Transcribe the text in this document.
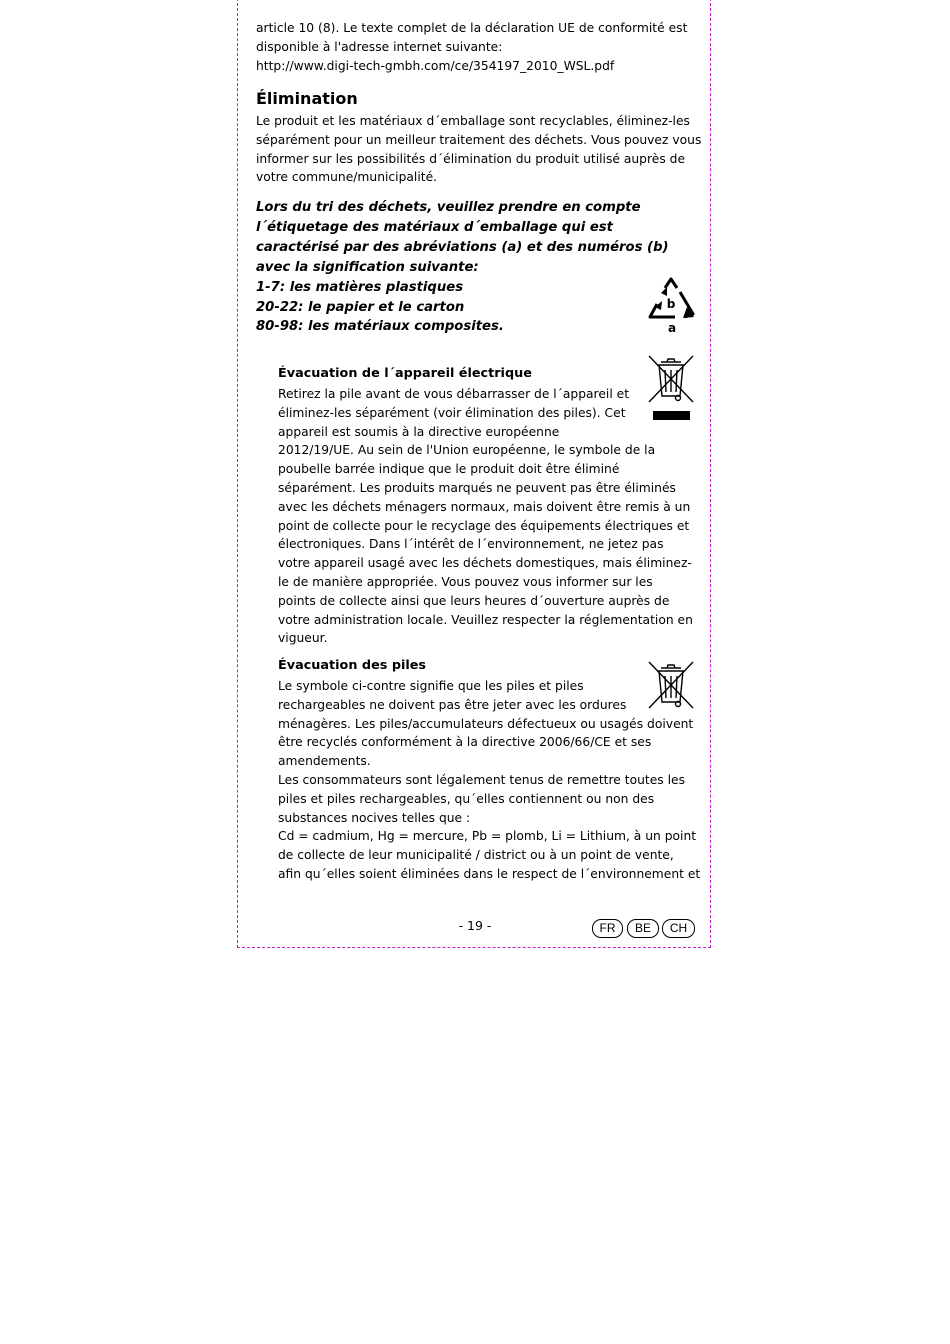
article 10 (8). Le texte complet de la déclaration UE de conformité est
disponible à l'adresse internet suivante:
http://www.digi-tech-gmbh.com/ce/354197_2010_WSL.pdf
Élimination
Le produit et les matériaux d´emballage sont recyclables, éliminez-les
séparément pour un meilleur traitement des déchets. Vous pouvez vous
informer sur les possibilités d´élimination du produit utilisé auprès de
votre commune/municipalité.
Lors du tri des déchets, veuillez prendre en compte
l´étiquetage des matériaux d´emballage qui est
caractérisé par des abréviations (a) et des numéros (b)
avec la signification suivante:
1-7: les matières plastiques
20-22: le papier et le carton
80-98: les matériaux composites.
b
a
Évacuation de l´appareil électrique
Retirez la pile avant de vous débarrasser de l´appareil et
éliminez-les séparément (voir élimination des piles). Cet
appareil est soumis à la directive européenne
2012/19/UE. Au sein de l'Union européenne, le symbole de la
poubelle barrée indique que le produit doit être éliminé
séparément. Les produits marqués ne peuvent pas être éliminés
avec les déchets ménagers normaux, mais doivent être remis à un
point de collecte pour le recyclage des équipements électriques et
électroniques. Dans l´intérêt de l´environnement, ne jetez pas
votre appareil usagé avec les déchets domestiques, mais éliminez-
le de manière appropriée. Vous pouvez vous informer sur les
points de collecte ainsi que leurs heures d´ouverture auprès de
votre administration locale. Veuillez respecter la réglementation en
vigueur.
Évacuation des piles
Le symbole ci-contre signifie que les piles et piles
rechargeables ne doivent pas être jeter avec les ordures
ménagères. Les piles/accumulateurs défectueux ou usagés doivent
être recyclés conformément à la directive 2006/66/CE et ses
amendements.
Les consommateurs sont légalement tenus de remettre toutes les
piles et piles rechargeables, qu´elles contiennent ou non des
substances nocives telles que :
Cd = cadmium, Hg = mercure, Pb = plomb, Li = Lithium, à un point
de collecte de leur municipalité / district ou à un point de vente,
afin qu´elles soient éliminées dans le respect de l´environnement et
- 19 -	FR	BE	CH
